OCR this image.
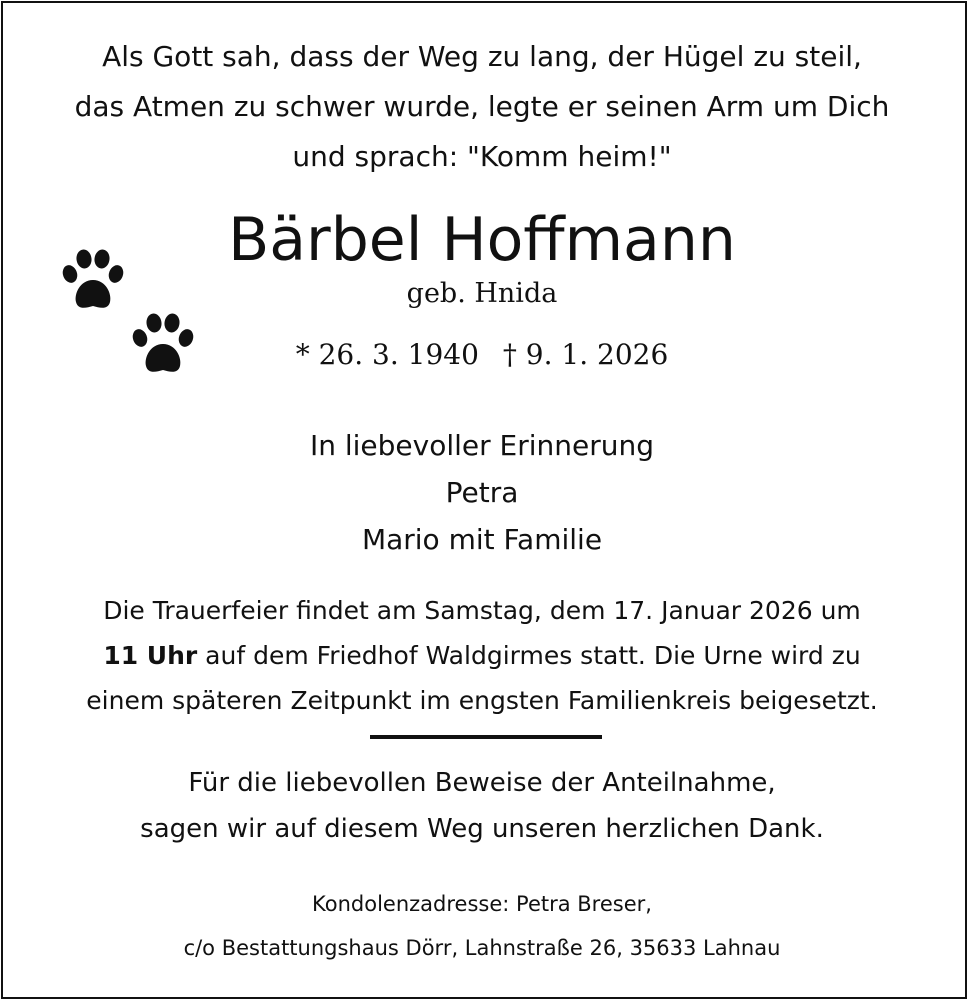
Als Gott sah, dass der Weg zu lang, der Hügel zu steil,
das Atmen zu schwer wurde, legte er seinen Arm um Dich
und sprach: "Komm heim!"
Bärbel Hoffmann
geb. Hnida
* 26. 3. 1940 † 9. 1. 2026
In liebevoller Erinnerung
Petra
Mario mit Familie
Die Trauerfeier findet am Samstag, dem 17. Januar 2026 um
11 Uhr auf dem Friedhof Waldgirmes statt. Die Urne wird zu
einem späteren Zeitpunkt im engsten Familienkreis beigesetzt.
Für die liebevollen Beweise der Anteilnahme,
sagen wir auf diesem Weg unseren herzlichen Dank.
Kondolenzadresse: Petra Breser,
c/o Bestattungshaus Dörr, Lahnstraße 26, 35633 Lahnau
